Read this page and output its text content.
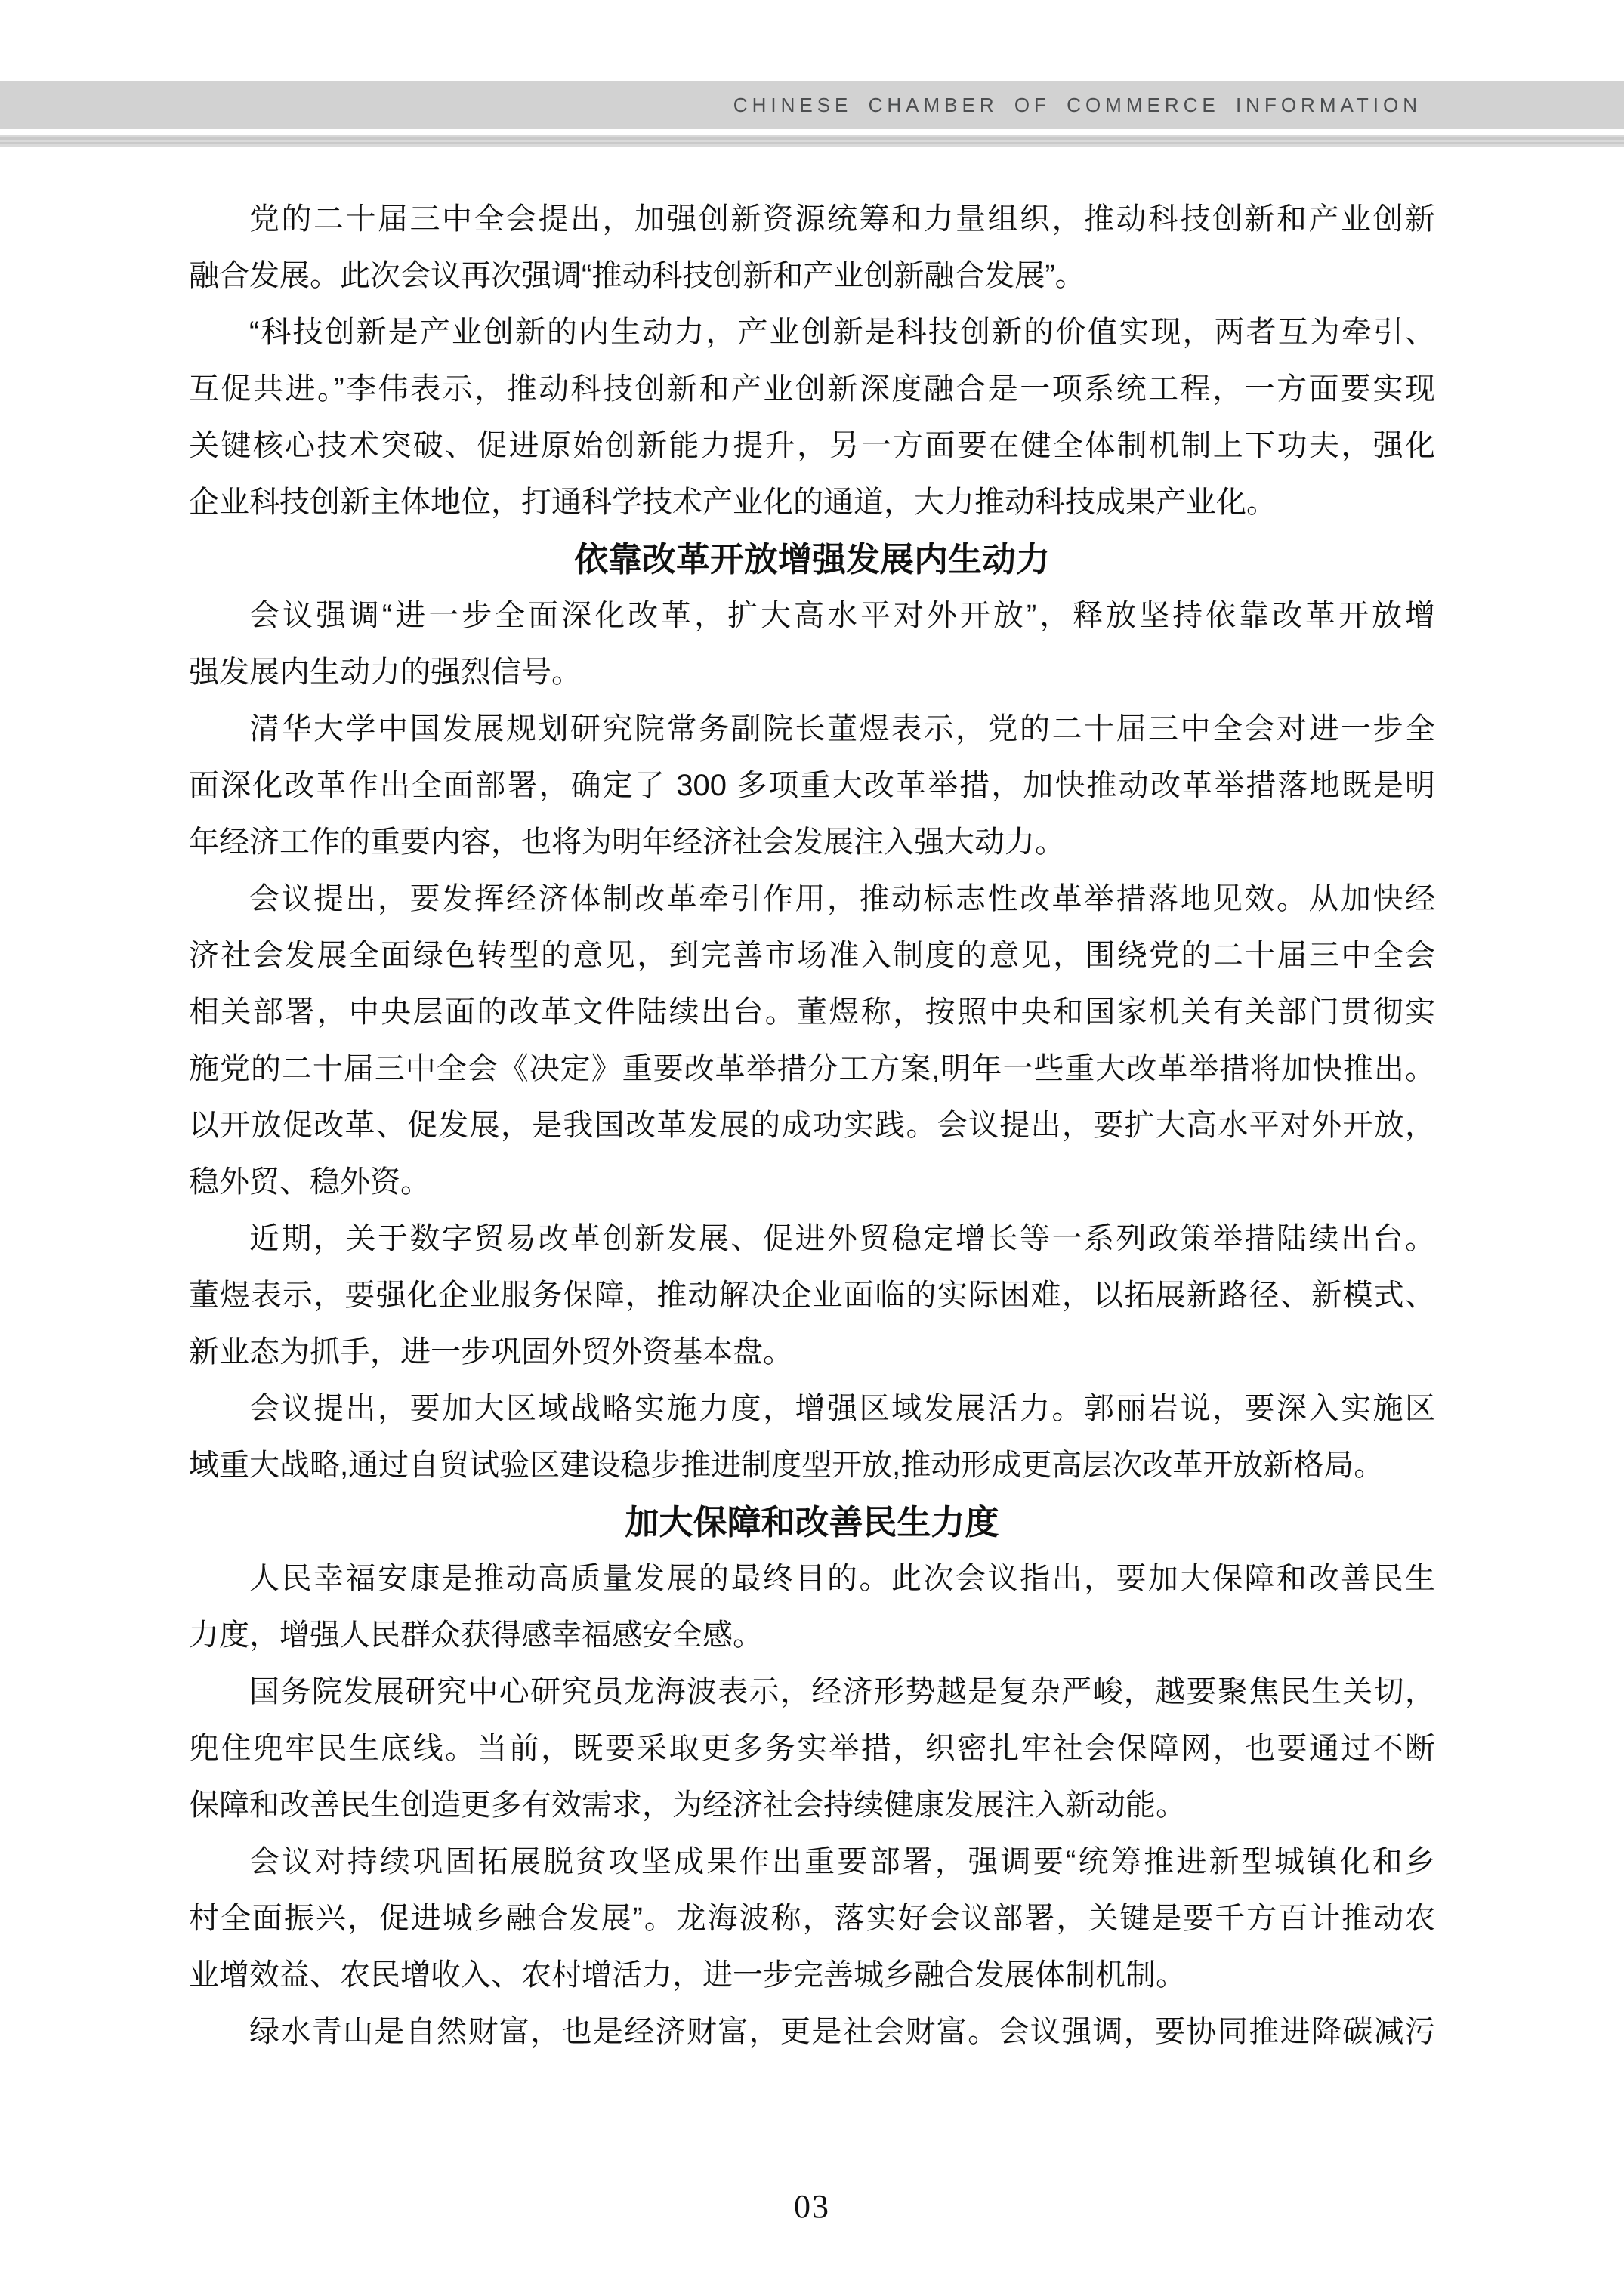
CHINESE CHAMBER OF COMMERCE INFORMATION
党的二十届三中全会提出，加强创新资源统筹和力量组织，推动科技创新和产业创新
融合发展。此次会议再次强调“推动科技创新和产业创新融合发展”。
“科技创新是产业创新的内生动力，产业创新是科技创新的价值实现，两者互为牵引、
互促共进。”李伟表示，推动科技创新和产业创新深度融合是一项系统工程，一方面要实现
关键核心技术突破、促进原始创新能力提升，另一方面要在健全体制机制上下功夫，强化
企业科技创新主体地位，打通科学技术产业化的通道，大力推动科技成果产业化。
依靠改革开放增强发展内生动力
会议强调“进一步全面深化改革，扩大高水平对外开放”，释放坚持依靠改革开放增
强发展内生动力的强烈信号。
清华大学中国发展规划研究院常务副院长董煜表示，党的二十届三中全会对进一步全
面深化改革作出全面部署，确定了 300 多项重大改革举措，加快推动改革举措落地既是明
年经济工作的重要内容，也将为明年经济社会发展注入强大动力。
会议提出，要发挥经济体制改革牵引作用，推动标志性改革举措落地见效。从加快经
济社会发展全面绿色转型的意见，到完善市场准入制度的意见，围绕党的二十届三中全会
相关部署，中央层面的改革文件陆续出台。董煜称，按照中央和国家机关有关部门贯彻实
施党的二十届三中全会《决定》重要改革举措分工方案,明年一些重大改革举措将加快推出。
以开放促改革、促发展，是我国改革发展的成功实践。会议提出，要扩大高水平对外开放，
稳外贸、稳外资。
近期，关于数字贸易改革创新发展、促进外贸稳定增长等一系列政策举措陆续出台。
董煜表示，要强化企业服务保障，推动解决企业面临的实际困难，以拓展新路径、新模式、
新业态为抓手，进一步巩固外贸外资基本盘。
会议提出，要加大区域战略实施力度，增强区域发展活力。郭丽岩说，要深入实施区
域重大战略,通过自贸试验区建设稳步推进制度型开放,推动形成更高层次改革开放新格局。
加大保障和改善民生力度
人民幸福安康是推动高质量发展的最终目的。此次会议指出，要加大保障和改善民生
力度，增强人民群众获得感幸福感安全感。
国务院发展研究中心研究员龙海波表示，经济形势越是复杂严峻，越要聚焦民生关切，
兜住兜牢民生底线。当前，既要采取更多务实举措，织密扎牢社会保障网，也要通过不断
保障和改善民生创造更多有效需求，为经济社会持续健康发展注入新动能。
会议对持续巩固拓展脱贫攻坚成果作出重要部署，强调要“统筹推进新型城镇化和乡
村全面振兴，促进城乡融合发展”。龙海波称，落实好会议部署，关键是要千方百计推动农
业增效益、农民增收入、农村增活力，进一步完善城乡融合发展体制机制。
绿水青山是自然财富，也是经济财富，更是社会财富。会议强调，要协同推进降碳减污
03
